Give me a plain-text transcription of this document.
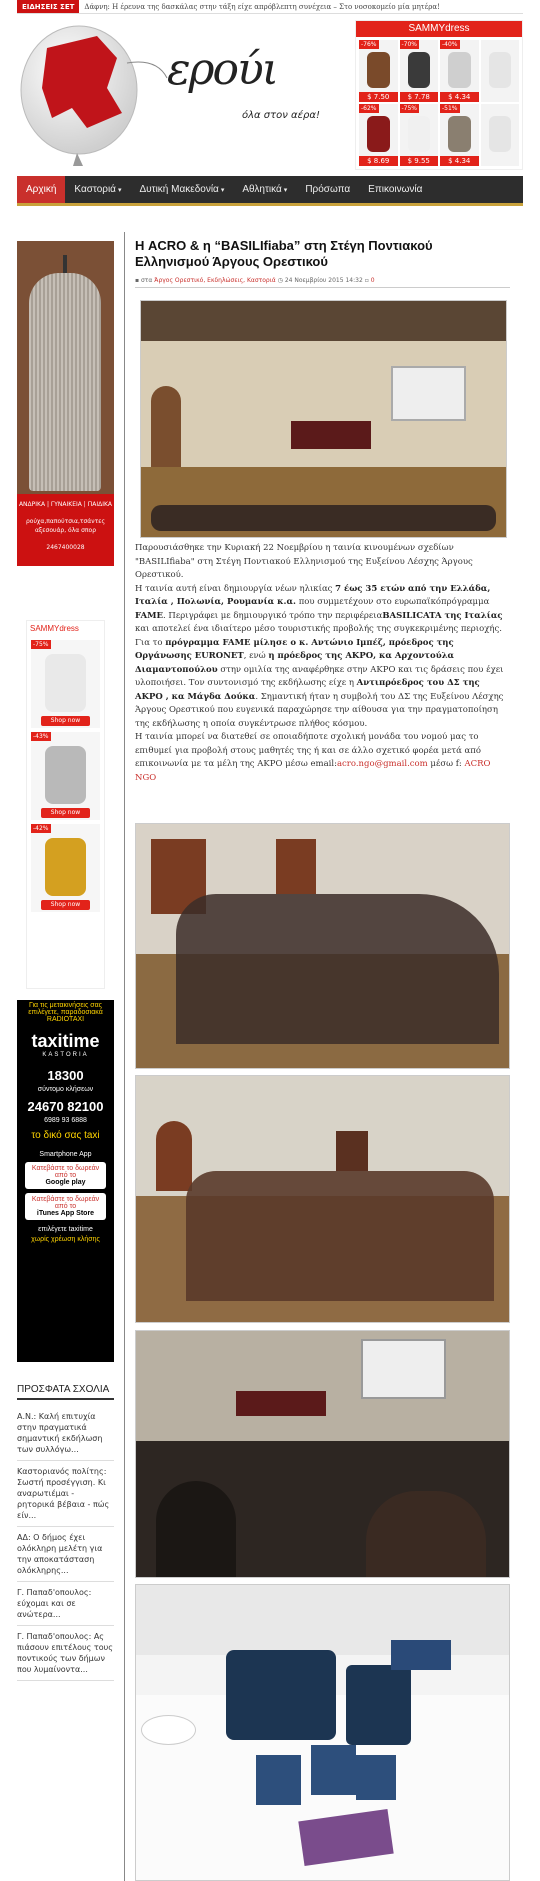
ΕΙΔΗΣΕΙΣ ΣΕΤ Δάφνη: Η έρευνα της δασκάλας στην τάξη είχε απρόβλεπτη συνέχεια – Στο νοσοκομείο μία μητέρα!
ερούι
όλα στον αέρα!
SAMMYdress
-76%
$ 7.50
-70%
$ 7.78
-40%
$ 4.34
-62%
$ 8.69
-75%
$ 9.55
-51%
$ 4.34
Αρχική	Καστοριά ▾	Δυτική Μακεδονία ▾	Αθλητικά ▾	Πρόσωπα	Επικοινωνία
ΑΝΔΡΙΚΑ | ΓΥΝΑΙΚΕΙΑ | ΠΑΙΔΙΚΑ
ρούχα,παπούτσια,τσάντες
αξεσουάρ, όλα σπορ
2467400028
SAMMYdress
-75%
Shop now
-43%
Shop now
-42%
Shop now
Για τις μετακινήσεις σας επιλέγετε, παραδοσιακά RADIOTAXI
taxitime
KASTORIA
18300
σύντομο κλήσεων
24670 82100
6989 93 6888
το δικό σας taxi
Smartphone App
Κατεβάστε το δωρεάν από το
Google play
Κατεβάστε το δωρεάν από το
iTunes App Store
επιλέγετε taxitime
χωρίς χρέωση κλήσης
ΠΡΟΣΦΑΤΑ ΣΧΟΛΙΑ
Α.Ν.: Καλή επιτυχία στην πραγματικά σημαντική εκδήλωση των συλλόγω...
Καστοριανός πολίτης: Σωστή προσέγγιση. Κι αναρωτιέμαι - ρητορικά βέβαια - πώς είν...
ΑΔ: Ο δήμος έχει ολόκληρη μελέτη για την αποκατάσταση ολόκληρης...
Γ. Παπαδ'οπουλος: εύχομαι και σε ανώτερα...
Γ. Παπαδ'οπουλος: Ας πιάσουν επιτέλους τους ποντικούς των δήμων που λυμαίνοντα...
Η ACRO & η “BASILIfiaba” στη Στέγη Ποντιακού Ελληνισμού Άργους Ορεστικού
▪ στα Άργος Ορεστικό, Εκδηλώσεις, Καστοριά ◷ 24 Νοεμβρίου 2015 14:32 ▫ 0

Παρουσιάσθηκε την Κυριακή 22 Νοεμβρίου η ταινία κινουμένων σχεδίων "BASILIfiaba" στη Στέγη Ποντιακού Ελληνισμού της Ευξείνου Λέσχης Άργους Ορεστικού.

Η ταινία αυτή είναι δημιουργία νέων ηλικίας 7 έως 35 ετών από την Ελλάδα, Ιταλία , Πολωνία, Ρουμανία κ.α. που συμμετέχουν στο ευρωπαϊκόπρόγραμμα FAME. Περιγράφει με δημιουργικό τρόπο την περιφέρειαBASILICATA της Ιταλίας και αποτελεί ένα ιδιαίτερο μέσο τουριστικής προβολής της συγκεκριμένης περιοχής.

Για το πρόγραμμα FAME μίλησε ο κ. Αντώνιο Ιμπέζ, πρόεδρος της Οργάνωσης EURONET, ενώ η πρόεδρος της ΑΚΡΟ, κα Αρχοντούλα Διαμαντοπούλου στην ομιλία της αναφέρθηκε στην ΑΚΡΟ και τις δράσεις που έχει υλοποιήσει. Τον συντονισμό της εκδήλωσης είχε η Αντιπρόεδρος του ΔΣ της ΑΚΡΟ , κα Μάγδα Δούκα. Σημαντική ήταν η συμβολή του ΔΣ της Ευξείνου Λέσχης Άργους Ορεστικού που ευγενικά παραχώρησε την αίθουσα για την πραγματοποίηση της εκδήλωσης η οποία συγκέντρωσε πλήθος κόσμου.

Η ταινία μπορεί να διατεθεί σε οποιαδήποτε σχολική μονάδα του νομού μας το επιθυμεί για προβολή στους μαθητές της ή και σε άλλο σχετικό φορέα μετά από επικοινωνία με τα μέλη της ΑΚΡΟ μέσω email:acro.ngo@gmail.com μέσω f: ACRO NGO
